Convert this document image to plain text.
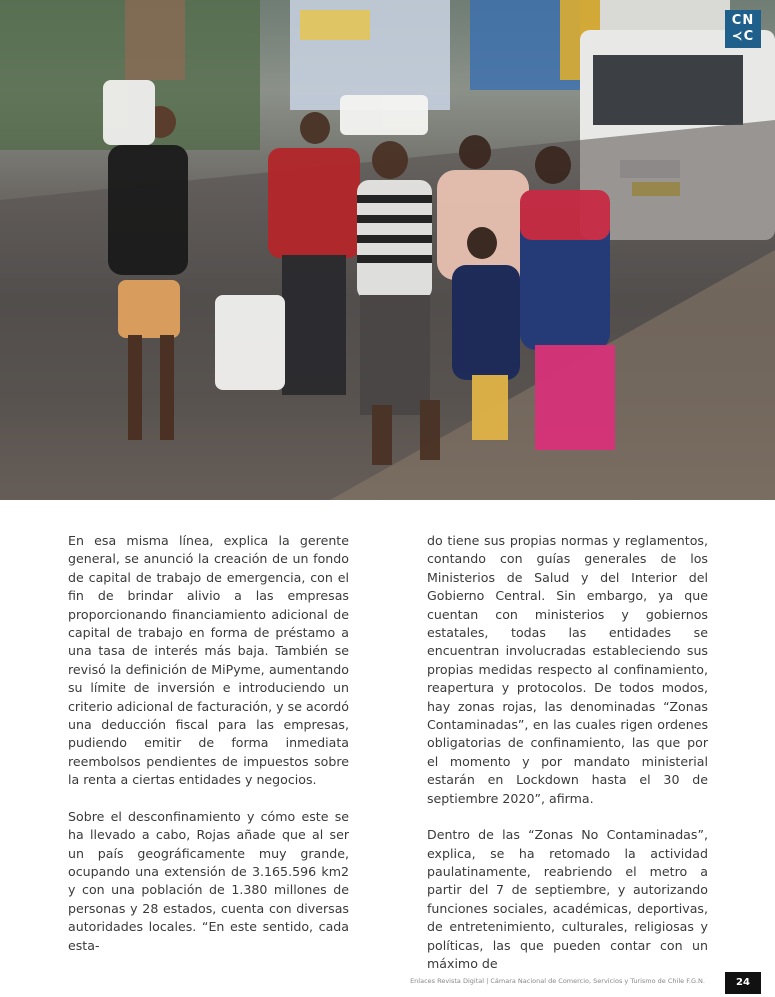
CN
≺C

En esa misma línea, explica la gerente general, se anunció la creación de un fondo de capital de trabajo de emergencia, con el fin de brindar alivio a las empresas proporcionando financiamiento adicional de capital de trabajo en forma de préstamo a una tasa de interés más baja. También se revisó la definición de MiPyme, aumentando su límite de inversión e introduciendo un criterio adicional de facturación, y se acordó una deducción fiscal para las empresas, pudiendo emitir de forma inmediata reembolsos pendientes de impuestos sobre la renta a ciertas entidades y negocios.

Sobre el desconfinamiento y cómo este se ha llevado a cabo, Rojas añade que al ser un país geográficamente muy grande, ocupando una extensión de 3.165.596 km2 y con una población de 1.380 millones de personas y 28 estados, cuenta con diversas autoridades locales. “En este sentido, cada esta-

do tiene sus propias normas y reglamentos, contando con guías generales de los Ministerios de Salud y del Interior del Gobierno Central. Sin embargo, ya que cuentan con ministerios y gobiernos estatales, todas las entidades se encuentran involucradas estableciendo sus propias medidas respecto al confinamiento, reapertura y protocolos. De todos modos, hay zonas rojas, las denominadas “Zonas Contaminadas”, en las cuales rigen ordenes obligatorias de confinamiento, las que por el momento y por mandato ministerial estarán en Lockdown hasta el 30 de septiembre 2020”, afirma.

Dentro de las “Zonas No Contaminadas”, explica, se ha retomado la actividad paulatinamente, reabriendo el metro a partir del 7 de septiembre, y autorizando funciones sociales, académicas, deportivas, de entretenimiento, culturales, religiosas y políticas, las que pueden contar con un máximo de

Enlaces Revista Digital | Cámara Nacional de Comercio, Servicios y Turismo de Chile F.G.N.	24
